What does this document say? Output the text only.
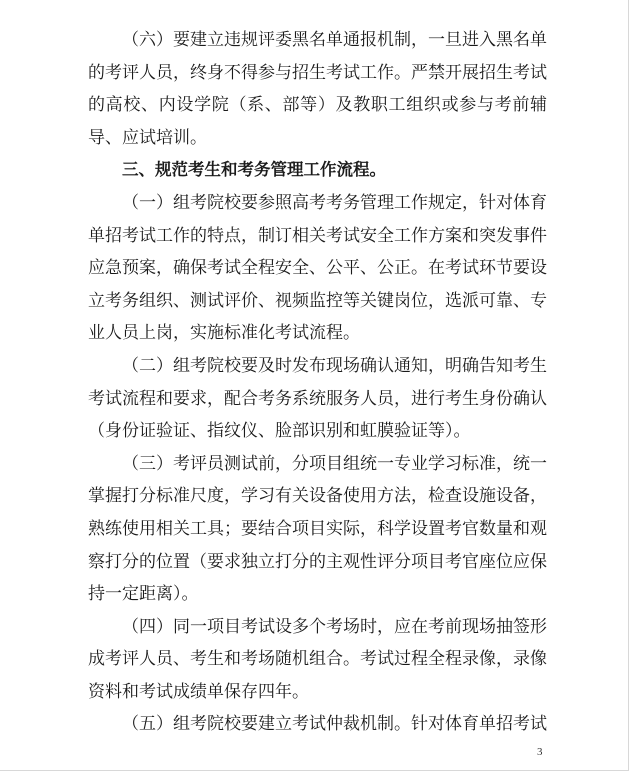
（六）要建立违规评委黑名单通报机制，一旦进入黑名单的考评人员，终身不得参与招生考试工作。严禁开展招生考试的高校、内设学院（系、部等）及教职工组织或参与考前辅导、应试培训。

三、规范考生和考务管理工作流程。

（一）组考院校要参照高考考务管理工作规定，针对体育单招考试工作的特点，制订相关考试安全工作方案和突发事件应急预案，确保考试全程安全、公平、公正。在考试环节要设立考务组织、测试评价、视频监控等关键岗位，选派可靠、专业人员上岗，实施标准化考试流程。

（二）组考院校要及时发布现场确认通知，明确告知考生考试流程和要求，配合考务系统服务人员，进行考生身份确认（身份证验证、指纹仪、脸部识别和虹膜验证等）。

（三）考评员测试前，分项目组统一专业学习标准，统一掌握打分标准尺度，学习有关设备使用方法，检查设施设备，熟练使用相关工具；要结合项目实际，科学设置考官数量和观察打分的位置（要求独立打分的主观性评分项目考官座位应保持一定距离）。

（四）同一项目考试设多个考场时，应在考前现场抽签形成考评人员、考生和考场随机组合。考试过程全程录像，录像资料和考试成绩单保存四年。

（五）组考院校要建立考试仲裁机制。针对体育单招考试

3
